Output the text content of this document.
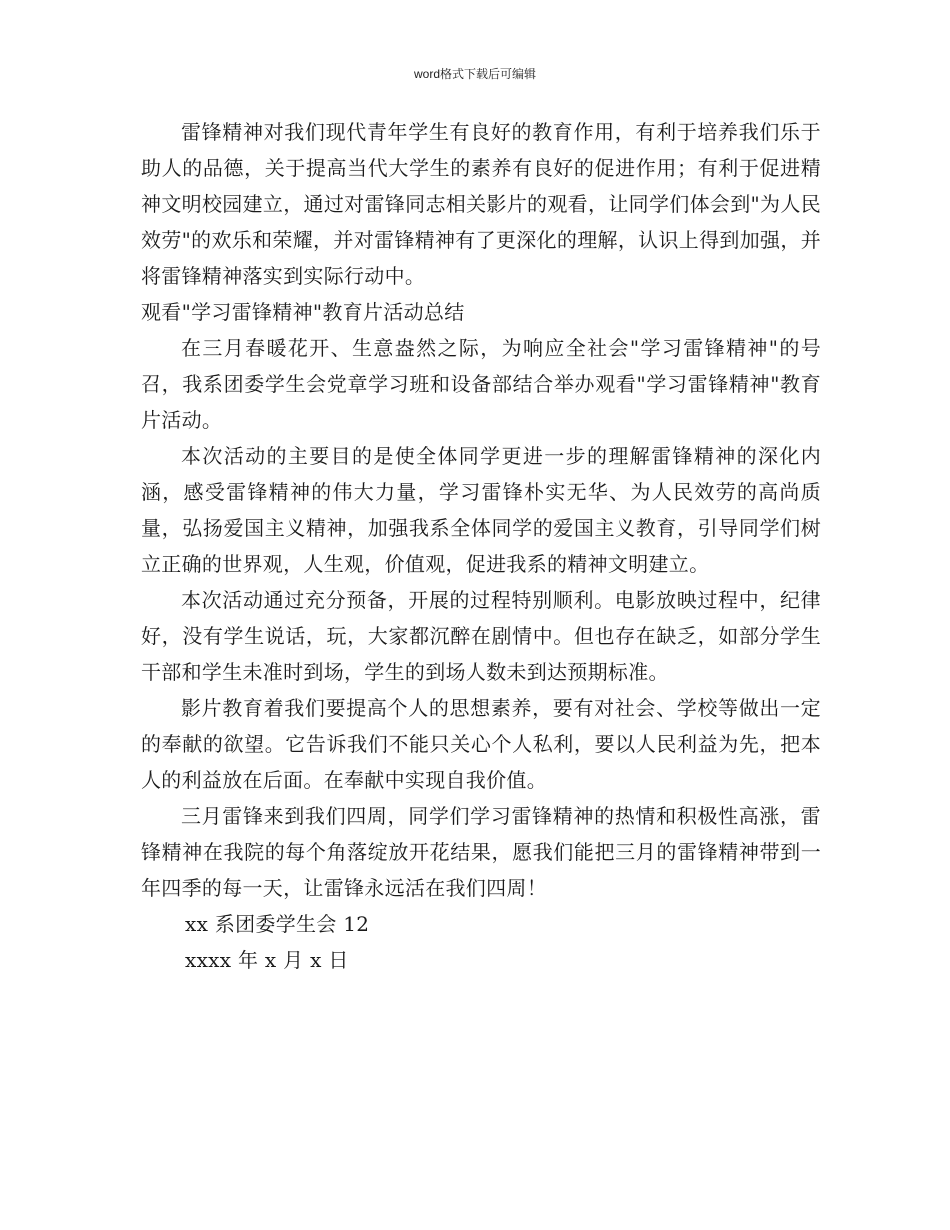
word格式下载后可编辑

雷锋精神对我们现代青年学生有良好的教育作用，有利于培养我们乐于助人的品德，关于提高当代大学生的素养有良好的促进作用；有利于促进精神文明校园建立，通过对雷锋同志相关影片的观看，让同学们体会到"为人民效劳"的欢乐和荣耀，并对雷锋精神有了更深化的理解，认识上得到加强，并将雷锋精神落实到实际行动中。

观看"学习雷锋精神"教育片活动总结

在三月春暖花开、生意盎然之际，为响应全社会"学习雷锋精神"的号召，我系团委学生会党章学习班和设备部结合举办观看"学习雷锋精神"教育片活动。

本次活动的主要目的是使全体同学更进一步的理解雷锋精神的深化内涵，感受雷锋精神的伟大力量，学习雷锋朴实无华、为人民效劳的高尚质量，弘扬爱国主义精神，加强我系全体同学的爱国主义教育，引导同学们树立正确的世界观，人生观，价值观，促进我系的精神文明建立。

本次活动通过充分预备，开展的过程特别顺利。电影放映过程中，纪律好，没有学生说话，玩，大家都沉醉在剧情中。但也存在缺乏，如部分学生干部和学生未准时到场，学生的到场人数未到达预期标准。

影片教育着我们要提高个人的思想素养，要有对社会、学校等做出一定的奉献的欲望。它告诉我们不能只关心个人私利，要以人民利益为先，把本人的利益放在后面。在奉献中实现自我价值。

三月雷锋来到我们四周，同学们学习雷锋精神的热情和积极性高涨，雷锋精神在我院的每个角落绽放开花结果，愿我们能把三月的雷锋精神带到一年四季的每一天，让雷锋永远活在我们四周！

xx 系团委学生会 12

xxxx 年 x 月 x 日
